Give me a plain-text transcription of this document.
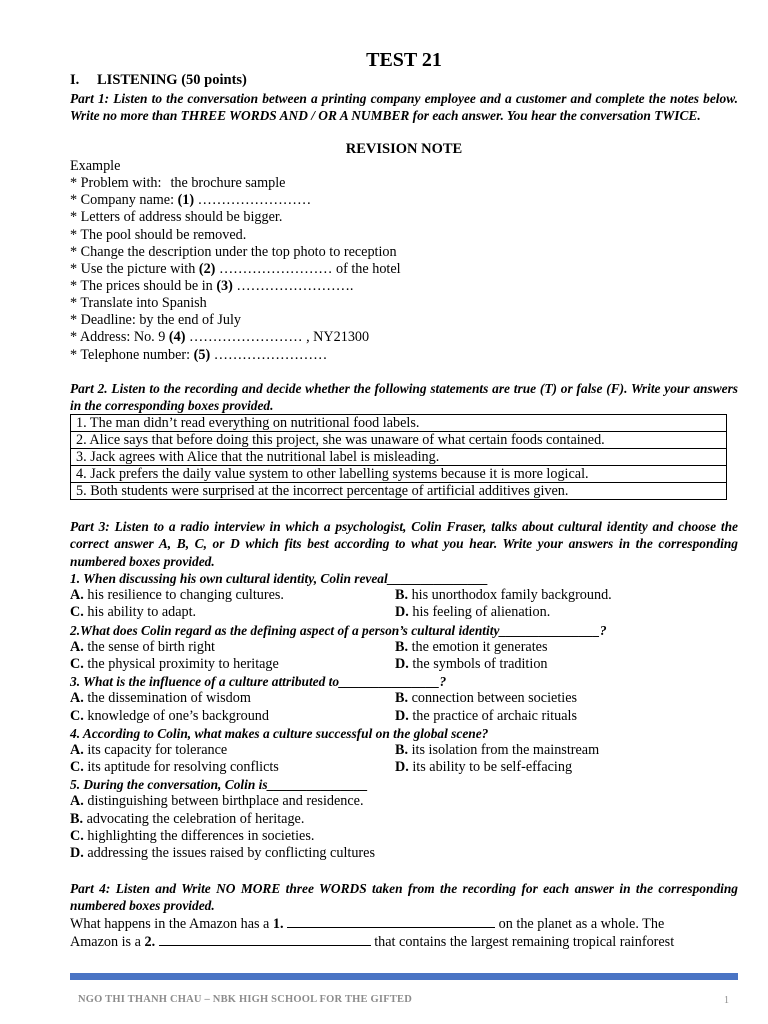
TEST 21
I. LISTENING (50 points)
Part 1: Listen to the conversation between a printing company employee and a customer and complete the notes below. Write no more than THREE WORDS AND / OR A NUMBER for each answer. You hear the conversation TWICE.
REVISION NOTE
Example
* Problem with: the brochure sample
* Company name: (1) ……………………
* Letters of address should be bigger.
* The pool should be removed.
* Change the description under the top photo to reception
* Use the picture with (2) …………………… of the hotel
* The prices should be in (3) …………………….
* Translate into Spanish
* Deadline: by the end of July
* Address: No. 9 (4) …………………… , NY21300
* Telephone number: (5) ……………………
Part 2. Listen to the recording and decide whether the following statements are true (T) or false (F). Write your answers in the corresponding boxes provided.
1. The man didn’t read everything on nutritional food labels.
2. Alice says that before doing this project, she was unaware of what certain foods contained.
3. Jack agrees with Alice that the nutritional label is misleading.
4. Jack prefers the daily value system to other labelling systems because it is more logical.
5. Both students were surprised at the incorrect percentage of artificial additives given.
Part 3: Listen to a radio interview in which a psychologist, Colin Fraser, talks about cultural identity and choose the correct answer A, B, C, or D which fits best according to what you hear. Write your answers in the corresponding numbered boxes provided.
1. When discussing his own cultural identity, Colin reveal_______________
A. his resilience to changing cultures.	B. his unorthodox family background.
C. his ability to adapt.	D. his feeling of alienation.
2.What does Colin regard as the defining aspect of a person’s cultural identity_______________?
A. the sense of birth right	B. the emotion it generates
C. the physical proximity to heritage	D. the symbols of tradition
3. What is the influence of a culture attributed to_______________?
A. the dissemination of wisdom	B. connection between societies
C. knowledge of one’s background	D. the practice of archaic rituals
4. According to Colin, what makes a culture successful on the global scene?
A. its capacity for tolerance	B. its isolation from the mainstream
C. its aptitude for resolving conflicts	D. its ability to be self-effacing
5. During the conversation, Colin is_______________
A. distinguishing between birthplace and residence.
B. advocating the celebration of heritage.
C. highlighting the differences in societies.
D. addressing the issues raised by conflicting cultures
Part 4: Listen and Write NO MORE three WORDS taken from the recording for each answer in the corresponding numbered boxes provided.
What happens in the Amazon has a 1.	on the planet as a whole. The
Amazon is a 2.	that contains the largest remaining tropical rainforest
NGO THI THANH CHAU – NBK HIGH SCHOOL FOR THE GIFTED	1
